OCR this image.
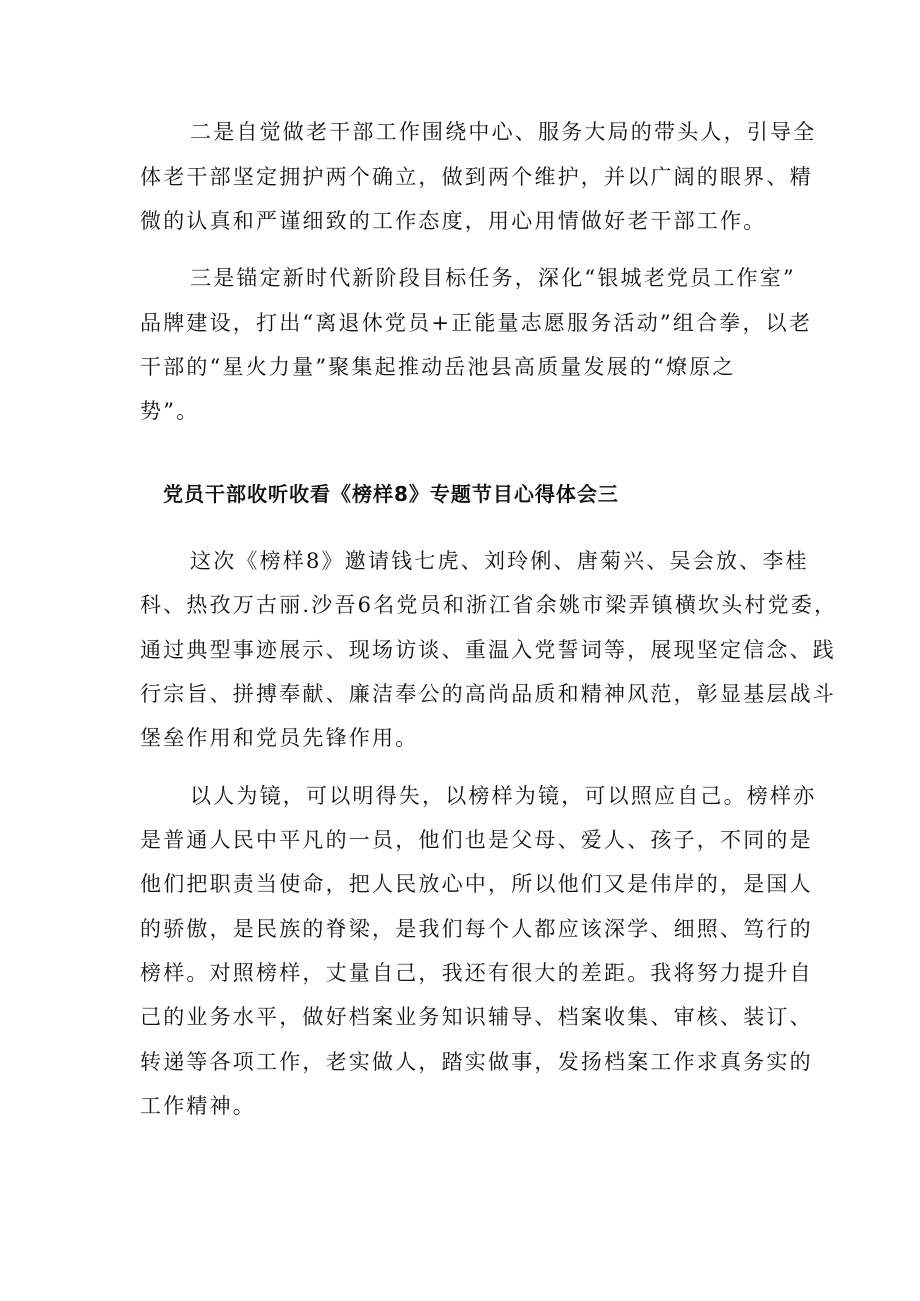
二是自觉做老干部工作围绕中心、服务大局的带头人，引导全
体老干部坚定拥护两个确立，做到两个维护，并以广阔的眼界、精
微的认真和严谨细致的工作态度，用心用情做好老干部工作。
三是锚定新时代新阶段目标任务，深化“银城老党员工作室”
品牌建设，打出“离退休党员+正能量志愿服务活动”组合拳，以老
干部的“星火力量”聚集起推动岳池县高质量发展的“燎原之
势”。
党员干部收听收看《榜样8》专题节目心得体会三
这次《榜样8》邀请钱七虎、刘玲俐、唐菊兴、吴会放、李桂
科、热孜万古丽.沙吾6名党员和浙江省余姚市梁弄镇横坎头村党委，
通过典型事迹展示、现场访谈、重温入党誓词等，展现坚定信念、践
行宗旨、拼搏奉献、廉洁奉公的高尚品质和精神风范，彰显基层战斗
堡垒作用和党员先锋作用。
以人为镜，可以明得失，以榜样为镜，可以照应自己。榜样亦
是普通人民中平凡的一员，他们也是父母、爱人、孩子，不同的是
他们把职责当使命，把人民放心中，所以他们又是伟岸的，是国人
的骄傲，是民族的脊梁，是我们每个人都应该深学、细照、笃行的
榜样。对照榜样，丈量自己，我还有很大的差距。我将努力提升自
己的业务水平，做好档案业务知识辅导、档案收集、审核、装订、
转递等各项工作，老实做人，踏实做事，发扬档案工作求真务实的
工作精神。
